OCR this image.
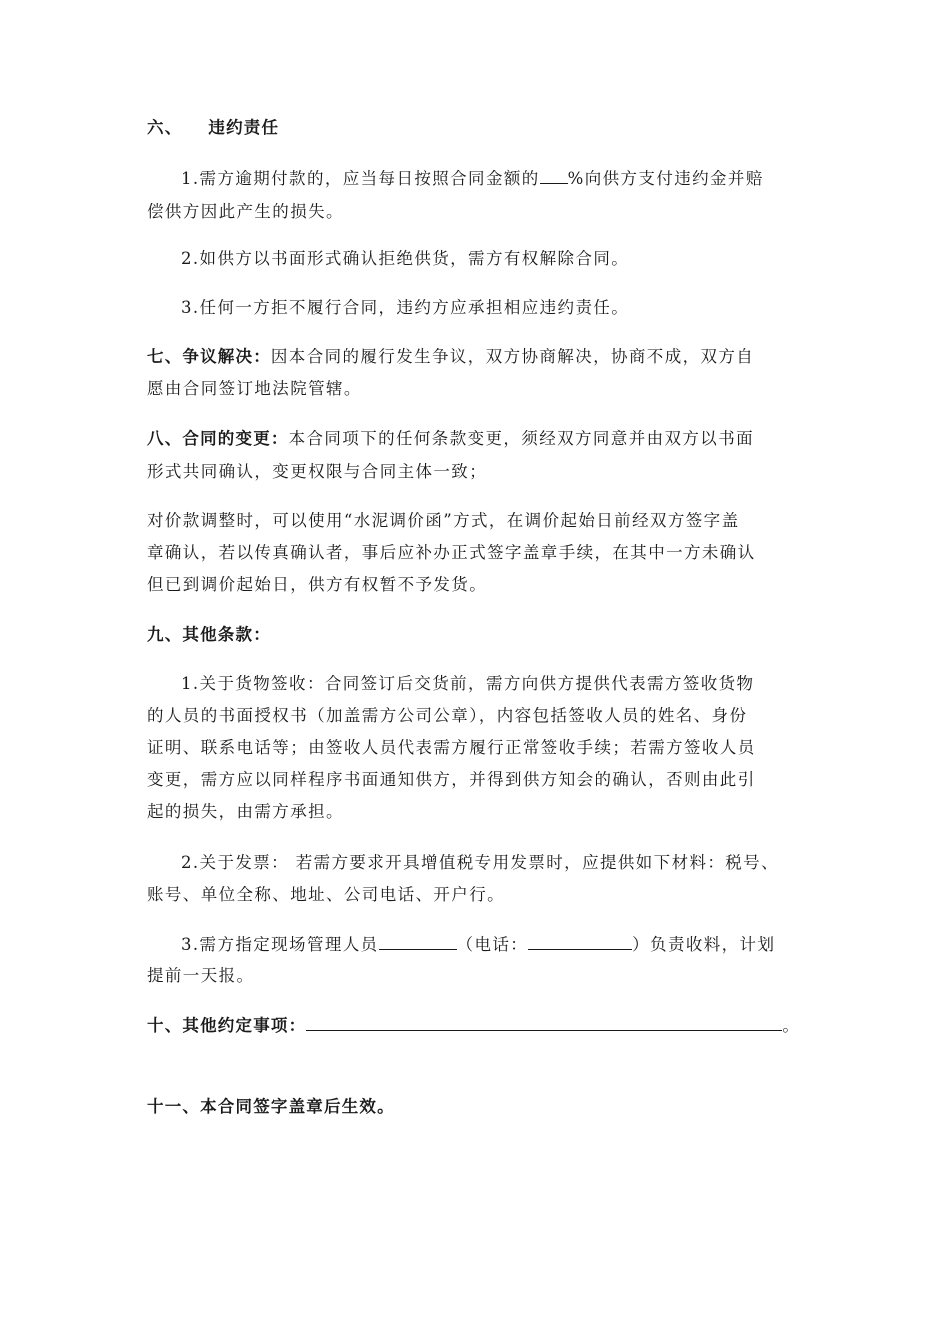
六、 违约责任
1.需方逾期付款的，应当每日按照合同金额的 %向供方支付违约金并赔
偿供方因此产生的损失。
2.如供方以书面形式确认拒绝供货，需方有权解除合同。
3.任何一方拒不履行合同，违约方应承担相应违约责任。
七、争议解决：因本合同的履行发生争议，双方协商解决，协商不成，双方自
愿由合同签订地法院管辖。
八、合同的变更：本合同项下的任何条款变更，须经双方同意并由双方以书面
形式共同确认，变更权限与合同主体一致；
对价款调整时，可以使用“水泥调价函”方式，在调价起始日前经双方签字盖
章确认，若以传真确认者，事后应补办正式签字盖章手续，在其中一方未确认
但已到调价起始日，供方有权暂不予发货。
九、其他条款：
1.关于货物签收：合同签订后交货前，需方向供方提供代表需方签收货物
的人员的书面授权书（加盖需方公司公章），内容包括签收人员的姓名、身份
证明、联系电话等；由签收人员代表需方履行正常签收手续；若需方签收人员
变更，需方应以同样程序书面通知供方，并得到供方知会的确认，否则由此引
起的损失，由需方承担。
2.关于发票： 若需方要求开具增值税专用发票时，应提供如下材料：税号、
账号、单位全称、地址、公司电话、开户行。
3.需方指定现场管理人员	（电话：	）负责收料，计划
提前一天报。
十、其他约定事项：	。
十一、本合同签字盖章后生效。
